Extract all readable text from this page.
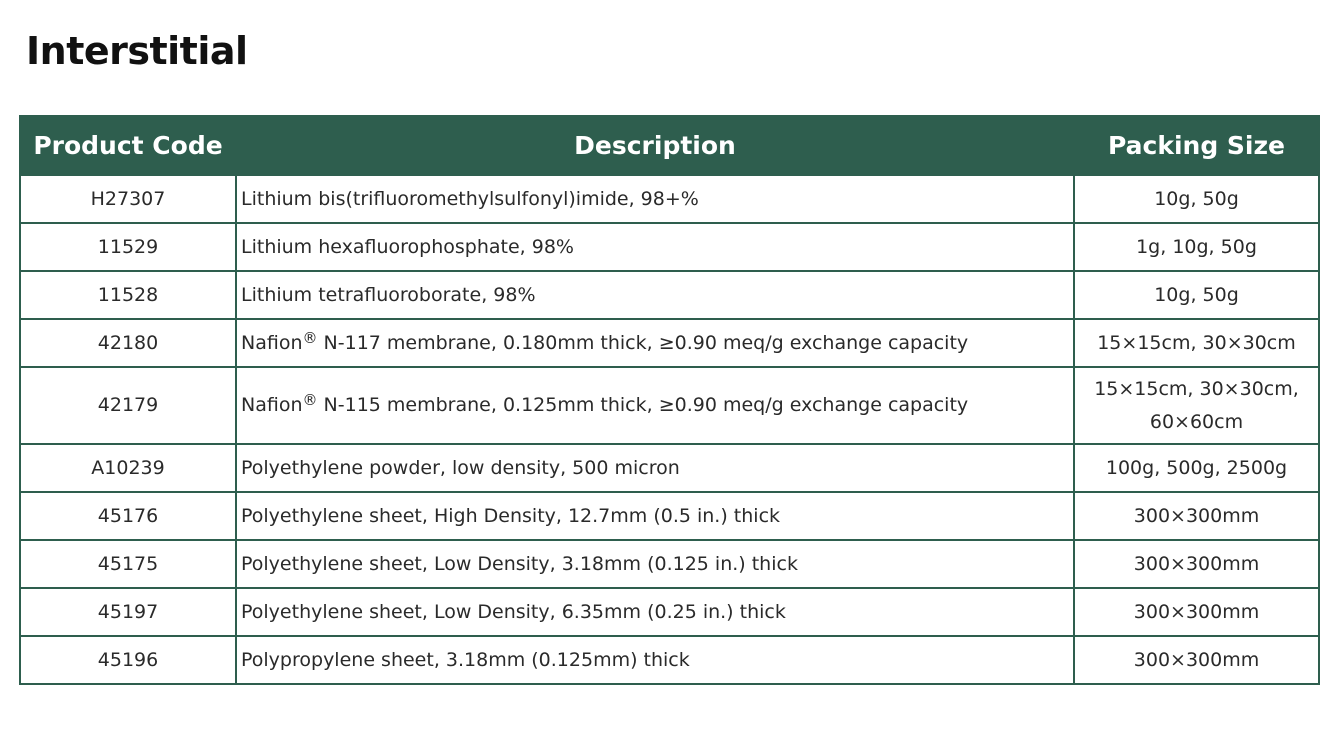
Interstitial
Product Code	Description	Packing Size
H27307	Lithium bis(trifluoromethylsulfonyl)imide, 98+%	10g, 50g
11529	Lithium hexafluorophosphate, 98%	1g, 10g, 50g
11528	Lithium tetrafluoroborate, 98%	10g, 50g
42180	Nafion® N-117 membrane, 0.180mm thick, ≥0.90 meq/g exchange capacity	15×15cm, 30×30cm
42179	Nafion® N-115 membrane, 0.125mm thick, ≥0.90 meq/g exchange capacity	15×15cm, 30×30cm, 60×60cm
A10239	Polyethylene powder, low density, 500 micron	100g, 500g, 2500g
45176	Polyethylene sheet, High Density, 12.7mm (0.5 in.) thick	300×300mm
45175	Polyethylene sheet, Low Density, 3.18mm (0.125 in.) thick	300×300mm
45197	Polyethylene sheet, Low Density, 6.35mm (0.25 in.) thick	300×300mm
45196	Polypropylene sheet, 3.18mm (0.125mm) thick	300×300mm
